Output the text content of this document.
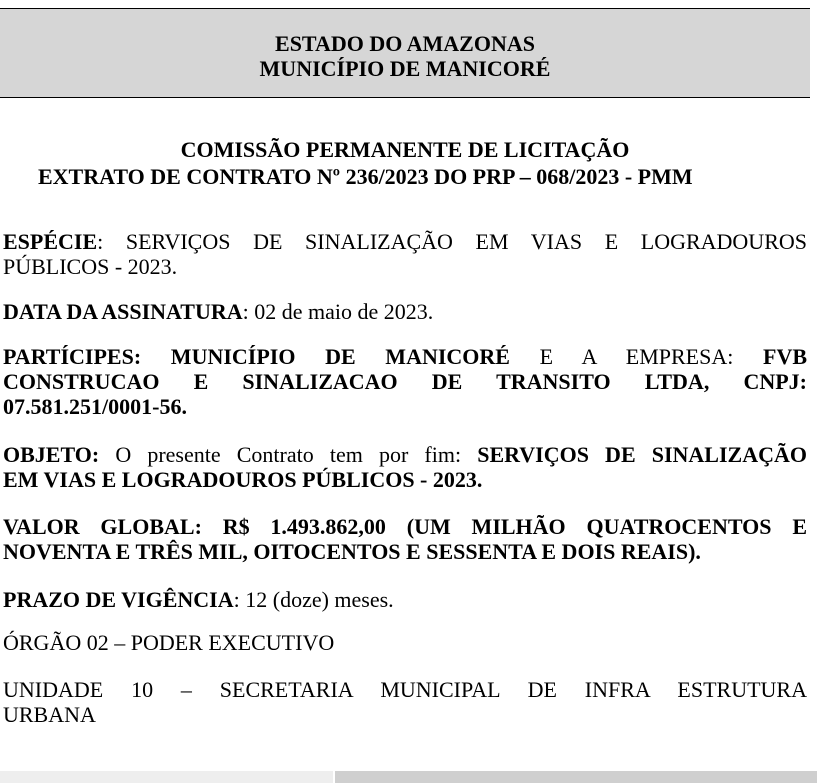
ESTADO DO AMAZONAS
MUNICÍPIO DE MANICORÉ
COMISSÃO PERMANENTE DE LICITAÇÃO
EXTRATO DE CONTRATO Nº 236/2023 DO PRP – 068/2023 - PMM
ESPÉCIE: SERVIÇOS DE SINALIZAÇÃO EM VIAS E LOGRADOUROS
PÚBLICOS - 2023.
DATA DA ASSINATURA: 02 de maio de 2023.
PARTÍCIPES: MUNICÍPIO DE MANICORÉ E A EMPRESA: FVB
CONSTRUCAO E SINALIZACAO DE TRANSITO LTDA, CNPJ:
07.581.251/0001-56.
OBJETO: O presente Contrato tem por fim: SERVIÇOS DE SINALIZAÇÃO
EM VIAS E LOGRADOUROS PÚBLICOS - 2023.
VALOR GLOBAL: R$ 1.493.862,00 (UM MILHÃO QUATROCENTOS E
NOVENTA E TRÊS MIL, OITOCENTOS E SESSENTA E DOIS REAIS).
PRAZO DE VIGÊNCIA: 12 (doze) meses.
ÓRGÃO 02 – PODER EXECUTIVO
UNIDADE 10 – SECRETARIA MUNICIPAL DE INFRA ESTRUTURA
URBANA
